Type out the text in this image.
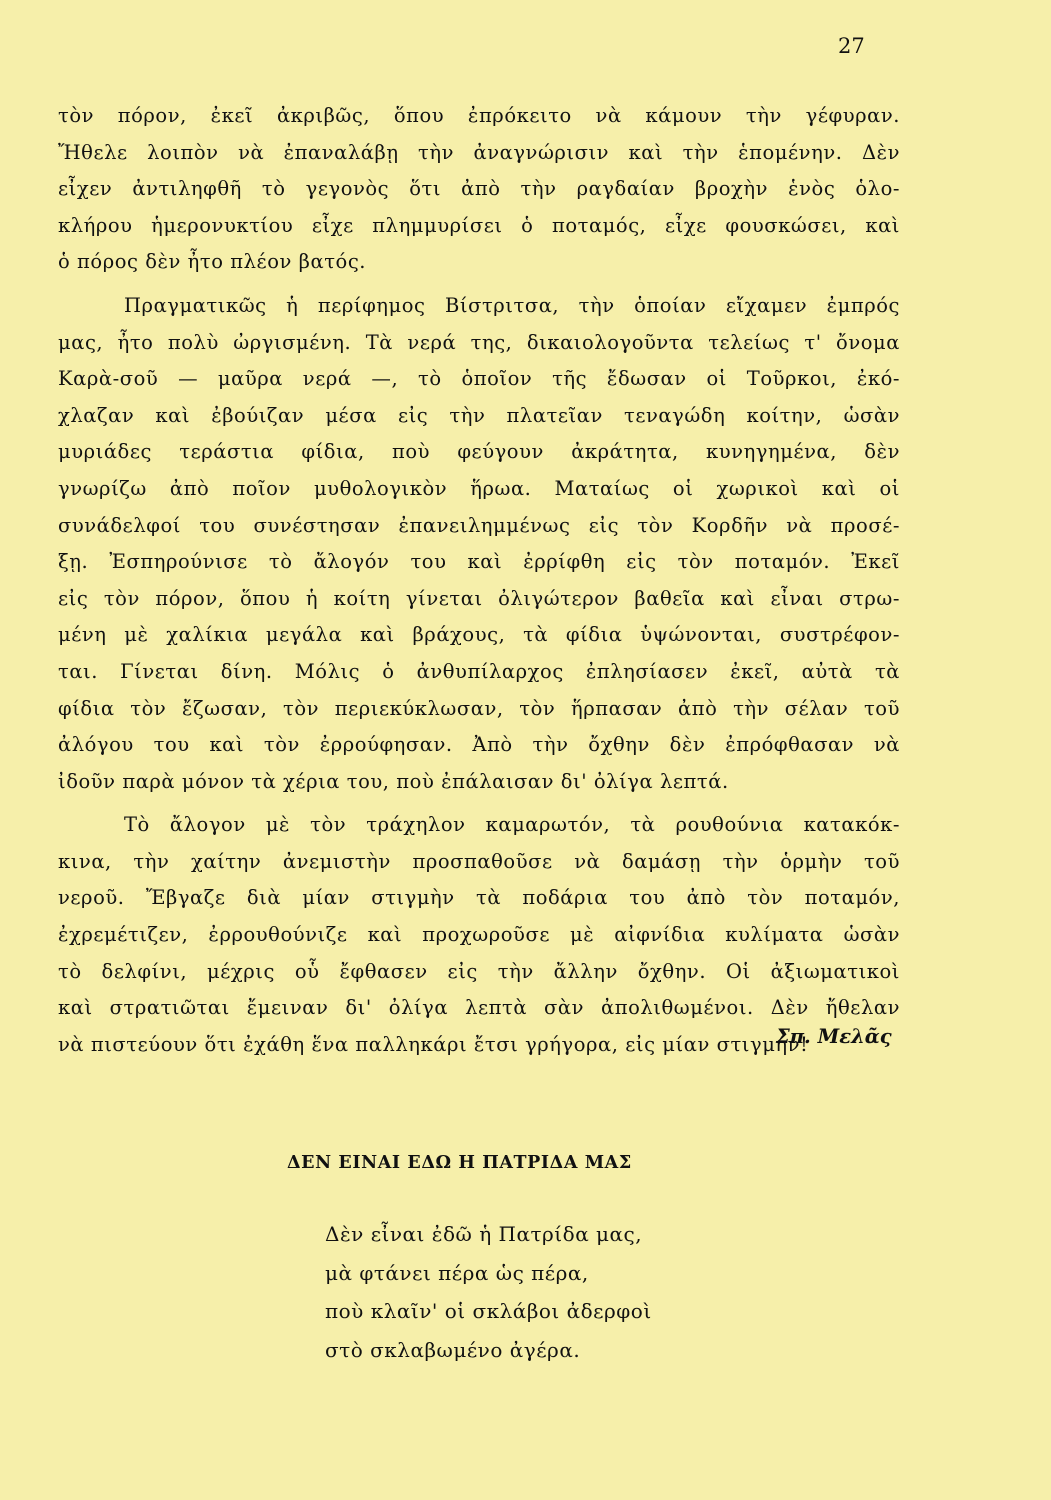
27
τὸν πόρον, ἐκεῖ ἀκριβῶς, ὅπου ἐπρόκειτο νὰ κάμουν τὴν γέφυραν.
Ἤθελε λοιπὸν νὰ ἐπαναλάβῃ τὴν ἀναγνώρισιν καὶ τὴν ἑπομένην. Δὲν
εἶχεν ἀντιληφθῆ τὸ γεγονὸς ὅτι ἀπὸ τὴν ραγδαίαν βροχὴν ἑνὸς ὁλο-
κλήρου ἡμερονυκτίου εἶχε πλημμυρίσει ὁ ποταμός, εἶχε φουσκώσει, καὶ
ὁ πόρος δὲν ἦτο πλέον βατός.
Πραγματικῶς ἡ περίφημος Βίστριτσα, τὴν ὁποίαν εἴχαμεν ἐμπρός
μας, ἦτο πολὺ ὠργισμένη. Τὰ νερά της, δικαιολογοῦντα τελείως τ' ὄνομα
Καρὰ-σοῦ — μαῦρα νερά —, τὸ ὁποῖον τῆς ἔδωσαν οἱ Τοῦρκοι, ἐκό-
χλαζαν καὶ ἐβούιζαν μέσα εἰς τὴν πλατεῖαν τεναγώδη κοίτην, ὡσὰν
μυριάδες τεράστια φίδια, ποὺ φεύγουν ἀκράτητα, κυνηγημένα, δὲν
γνωρίζω ἀπὸ ποῖον μυθολογικὸν ἥρωα. Ματαίως οἱ χωρικοὶ καὶ οἱ
συνάδελφοί του συνέστησαν ἐπανειλημμένως εἰς τὸν Κορδῆν νὰ προσέ-
ξῃ. Ἐσπηρούνισε τὸ ἄλογόν του καὶ ἐρρίφθη εἰς τὸν ποταμόν. Ἐκεῖ
εἰς τὸν πόρον, ὅπου ἡ κοίτη γίνεται ὀλιγώτερον βαθεῖα καὶ εἶναι στρω-
μένη μὲ χαλίκια μεγάλα καὶ βράχους, τὰ φίδια ὑψώνονται, συστρέφον-
ται. Γίνεται δίνη. Μόλις ὁ ἀνθυπίλαρχος ἐπλησίασεν ἐκεῖ, αὐτὰ τὰ
φίδια τὸν ἔζωσαν, τὸν περιεκύκλωσαν, τὸν ἥρπασαν ἀπὸ τὴν σέλαν τοῦ
ἀλόγου του καὶ τὸν ἐρρούφησαν. Ἀπὸ τὴν ὄχθην δὲν ἐπρόφθασαν νὰ
ἰδοῦν παρὰ μόνον τὰ χέρια του, ποὺ ἐπάλαισαν δι' ὀλίγα λεπτά.
Τὸ ἄλογον μὲ τὸν τράχηλον καμαρωτόν, τὰ ρουθούνια κατακόκ-
κινα, τὴν χαίτην ἀνεμιστὴν προσπαθοῦσε νὰ δαμάσῃ τὴν ὁρμὴν τοῦ
νεροῦ. Ἔβγαζε διὰ μίαν στιγμὴν τὰ ποδάρια του ἀπὸ τὸν ποταμόν,
ἐχρεμέτιζεν, ἐρρουθούνιζε καὶ προχωροῦσε μὲ αἰφνίδια κυλίματα ὡσὰν
τὸ δελφίνι, μέχρις οὗ ἔφθασεν εἰς τὴν ἄλλην ὄχθην. Οἱ ἀξιωματικοὶ
καὶ στρατιῶται ἔμειναν δι' ὀλίγα λεπτὰ σὰν ἀπολιθωμένοι. Δὲν ἤθελαν
νὰ πιστεύουν ὅτι ἐχάθη ἕνα παλληκάρι ἔτσι γρήγορα, εἰς μίαν στιγμήν!
Σπ. Μελᾶς
ΔΕΝ ΕΙΝΑΙ ΕΔΩ Η ΠΑΤΡΙΔΑ ΜΑΣ
Δὲν εἶναι ἐδῶ ἡ Πατρίδα μας,
μὰ φτάνει πέρα ὡς πέρα,
ποὺ κλαῖν' οἱ σκλάβοι ἀδερφοὶ
στὸ σκλαβωμένο ἀγέρα.
